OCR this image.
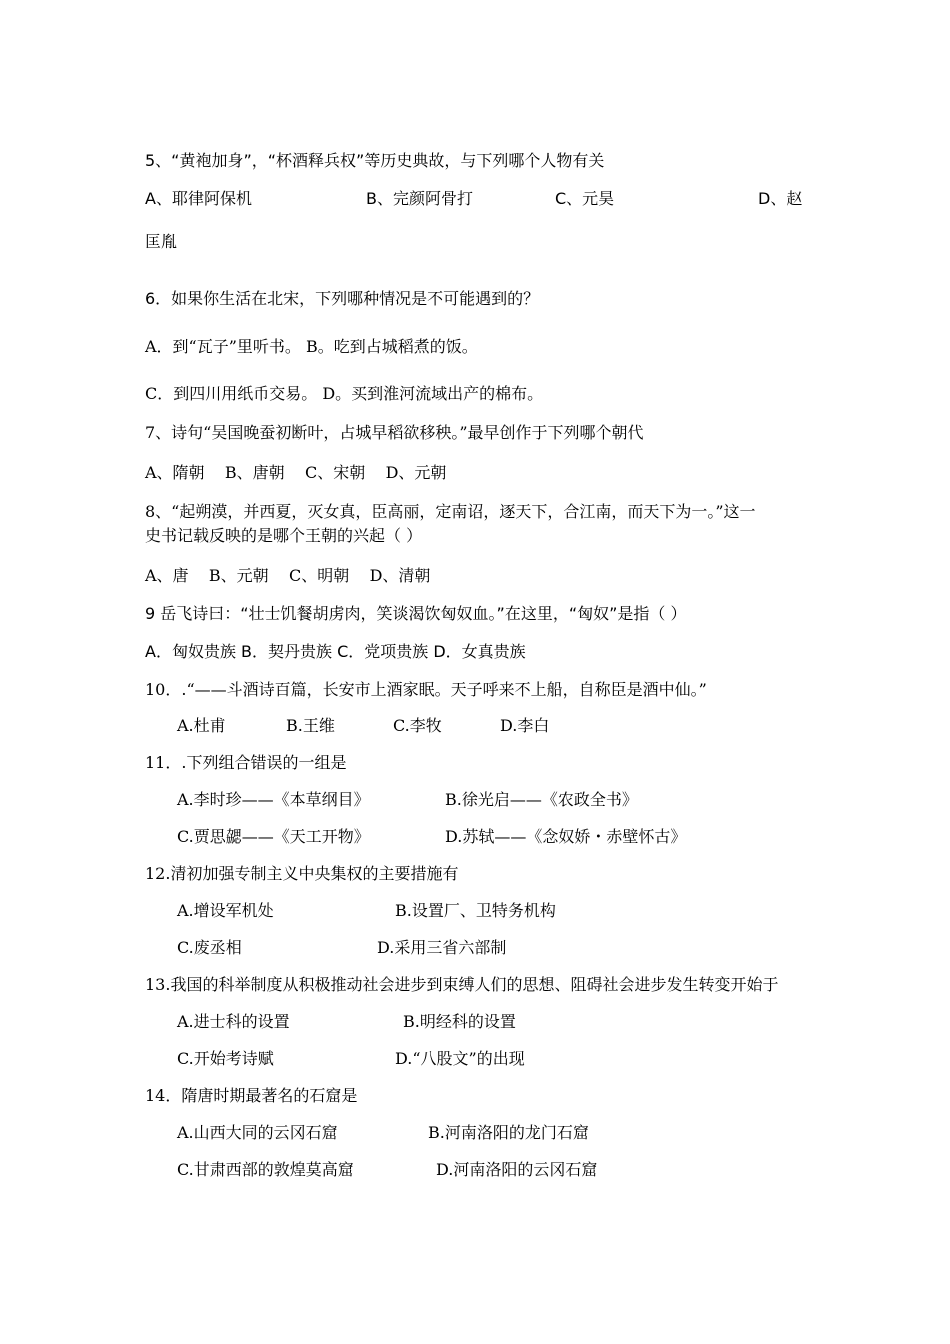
5、“黄袍加身”，“杯酒释兵权”等历史典故，与下列哪个人物有关
A、耶律阿保机	B、完颜阿骨打	C、元昊	D、赵
匡胤
6．如果你生活在北宋，下列哪种情况是不可能遇到的？
A．到“瓦子”里听书。 B。吃到占城稻煮的饭。
C．到四川用纸币交易。 D。买到淮河流域出产的棉布。
7、诗句“吴国晚蚕初断叶，占城早稻欲移秧。”最早创作于下列哪个朝代
A、隋朝    B、唐朝    C、宋朝    D、元朝
8、“起朔漠，并西夏，灭女真，臣高丽，定南诏，逐天下，合江南，而天下为一。”这一
史书记载反映的是哪个王朝的兴起（ ）
A、唐    B、元朝    C、明朝    D、清朝
9 岳飞诗曰：“壮士饥餐胡虏肉，笑谈渴饮匈奴血。”在这里，“匈奴”是指（ ）
A．匈奴贵族 B．契丹贵族 C．党项贵族 D．女真贵族
10．.“——斗酒诗百篇，长安市上酒家眠。天子呼来不上船，自称臣是酒中仙。”
A.杜甫	B.王维	C.李牧	D.李白
11．.下列组合错误的一组是
A.李时珍——《本草纲目》	B.徐光启——《农政全书》
C.贾思勰——《天工开物》	D.苏轼——《念奴娇・赤壁怀古》
12.清初加强专制主义中央集权的主要措施有
A.增设军机处	B.设置厂、卫特务机构
C.废丞相	D.采用三省六部制
13.我国的科举制度从积极推动社会进步到束缚人们的思想、阻碍社会进步发生转变开始于
A.进士科的设置	B.明经科的设置
C.开始考诗赋	D.“八股文”的出现
14．隋唐时期最著名的石窟是
A.山西大同的云冈石窟	B.河南洛阳的龙门石窟
C.甘肃西部的敦煌莫高窟	D.河南洛阳的云冈石窟
